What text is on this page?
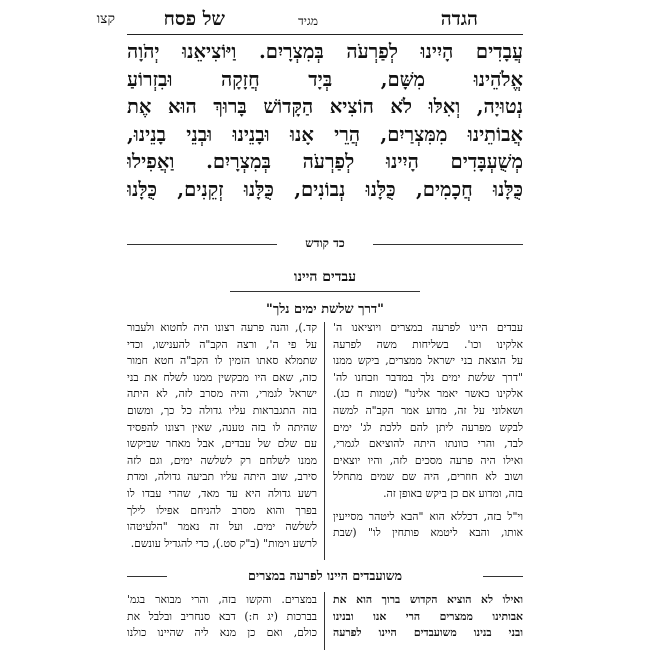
הגדה
מגיד
של פסח
קצו
עֲבָדִים הָיִינוּ לְפַרְעֹה בְּמִצְרָיִם. וַיּוֹצִיאֵנוּ יְהֹוָה
אֱלֹהֵינוּ מִשָּׁם, בְּיָד חֲזָקָה וּבִזְרוֹעַ
נְטוּיָה, וְאִלּוּ לֹא הוֹצִיא הַקָּדוֹשׁ בָּרוּךְ הוּא אֶת
אֲבוֹתֵינוּ מִמִּצְרַיִם, הֲרֵי אָנוּ וּבָנֵינוּ וּבְנֵי בָנֵינוּ,
מְשֻׁעְבָּדִים הָיִינוּ לְפַרְעֹה בְּמִצְרָיִם. וַאֲפִילוּ
כֻּלָּנוּ חֲכָמִים, כֻּלָּנוּ נְבוֹנִים, כֻּלָּנוּ זְקֵנִים, כֻּלָּנוּ
כד קודש
עבדים היינו
"דרך שלשת ימים נלך"
עבדים היינו לפרעה במצרים ויוציאנו ה'
אלקינו וכו'. בשליחות משה לפרעה
על הוצאת בני ישראל ממצרים, ביקש ממנו
"דרך שלשת ימים נלך במדבר וזבחנו לה'
אלקינו כאשר יאמר אלינו" (שמות ח כג).
ושאלוני על זה, מדוע אמר הקב"ה למשה
לבקש מפרעה ליתן להם ללכת לג' ימים
לבד, והרי כוונתו היתה להוציאם לגמרי,
ואילו היה פרעה מסכים לזה, והיו יוצאים
ושוב לא חוזרים, היה שם שמים מתחלל
בזה, ומדוע אם כן ביקש באופן זה.
וי"ל בזה, דכללא הוא "הבא ליטהר מסייעין
אותו, והבא ליטמא פותחין לו" (שבת
קד.), והנה פרעה רצונו היה לחטוא ולעבור
על פי ה', ורצה הקב"ה להענישו, וכדי
שתמלא סאתו הזמין לו הקב"ה חטא חמור
כזה, שאם היו מבקשין ממנו לשלח את בני
ישראל לגמרי, והיה מסרב לזה, לא היתה
בזה התגבראות עליו גדולה כל כך, ומשום
שהיתה לו בזה טענה, שאין רצונו להפסיד
עם שלם של עבדים, אבל מאחר שביקשו
ממנו לשלחם רק לשלשה ימים, וגם לזה
סירב, שוב היתה עליו תביעה גדולה, ומדת
רשע גדולה היא עד מאד, שהרי עבדו לו
בפרך והוא מסרב להניחם אפילו לילך
לשלשה ימים. ועל זה נאמר "הלעיטהו
לרשע וימות" (ב"ק סט.), כדי להגדיל עונשם.
משועבדים היינו לפרעה במצרים
ואילו לא הוציא הקדוש ברוך הוא את
אבותינו ממצרים הרי אנו ובנינו
ובני בנינו משועבדים היינו לפרעה
במצרים. והקשו בזה, והרי מבואר בגמ'
בברכות (יג ח:) דבא סנחריב ובלבל את
כולם, ואם כן מנא ליה שהיינו כולנו
